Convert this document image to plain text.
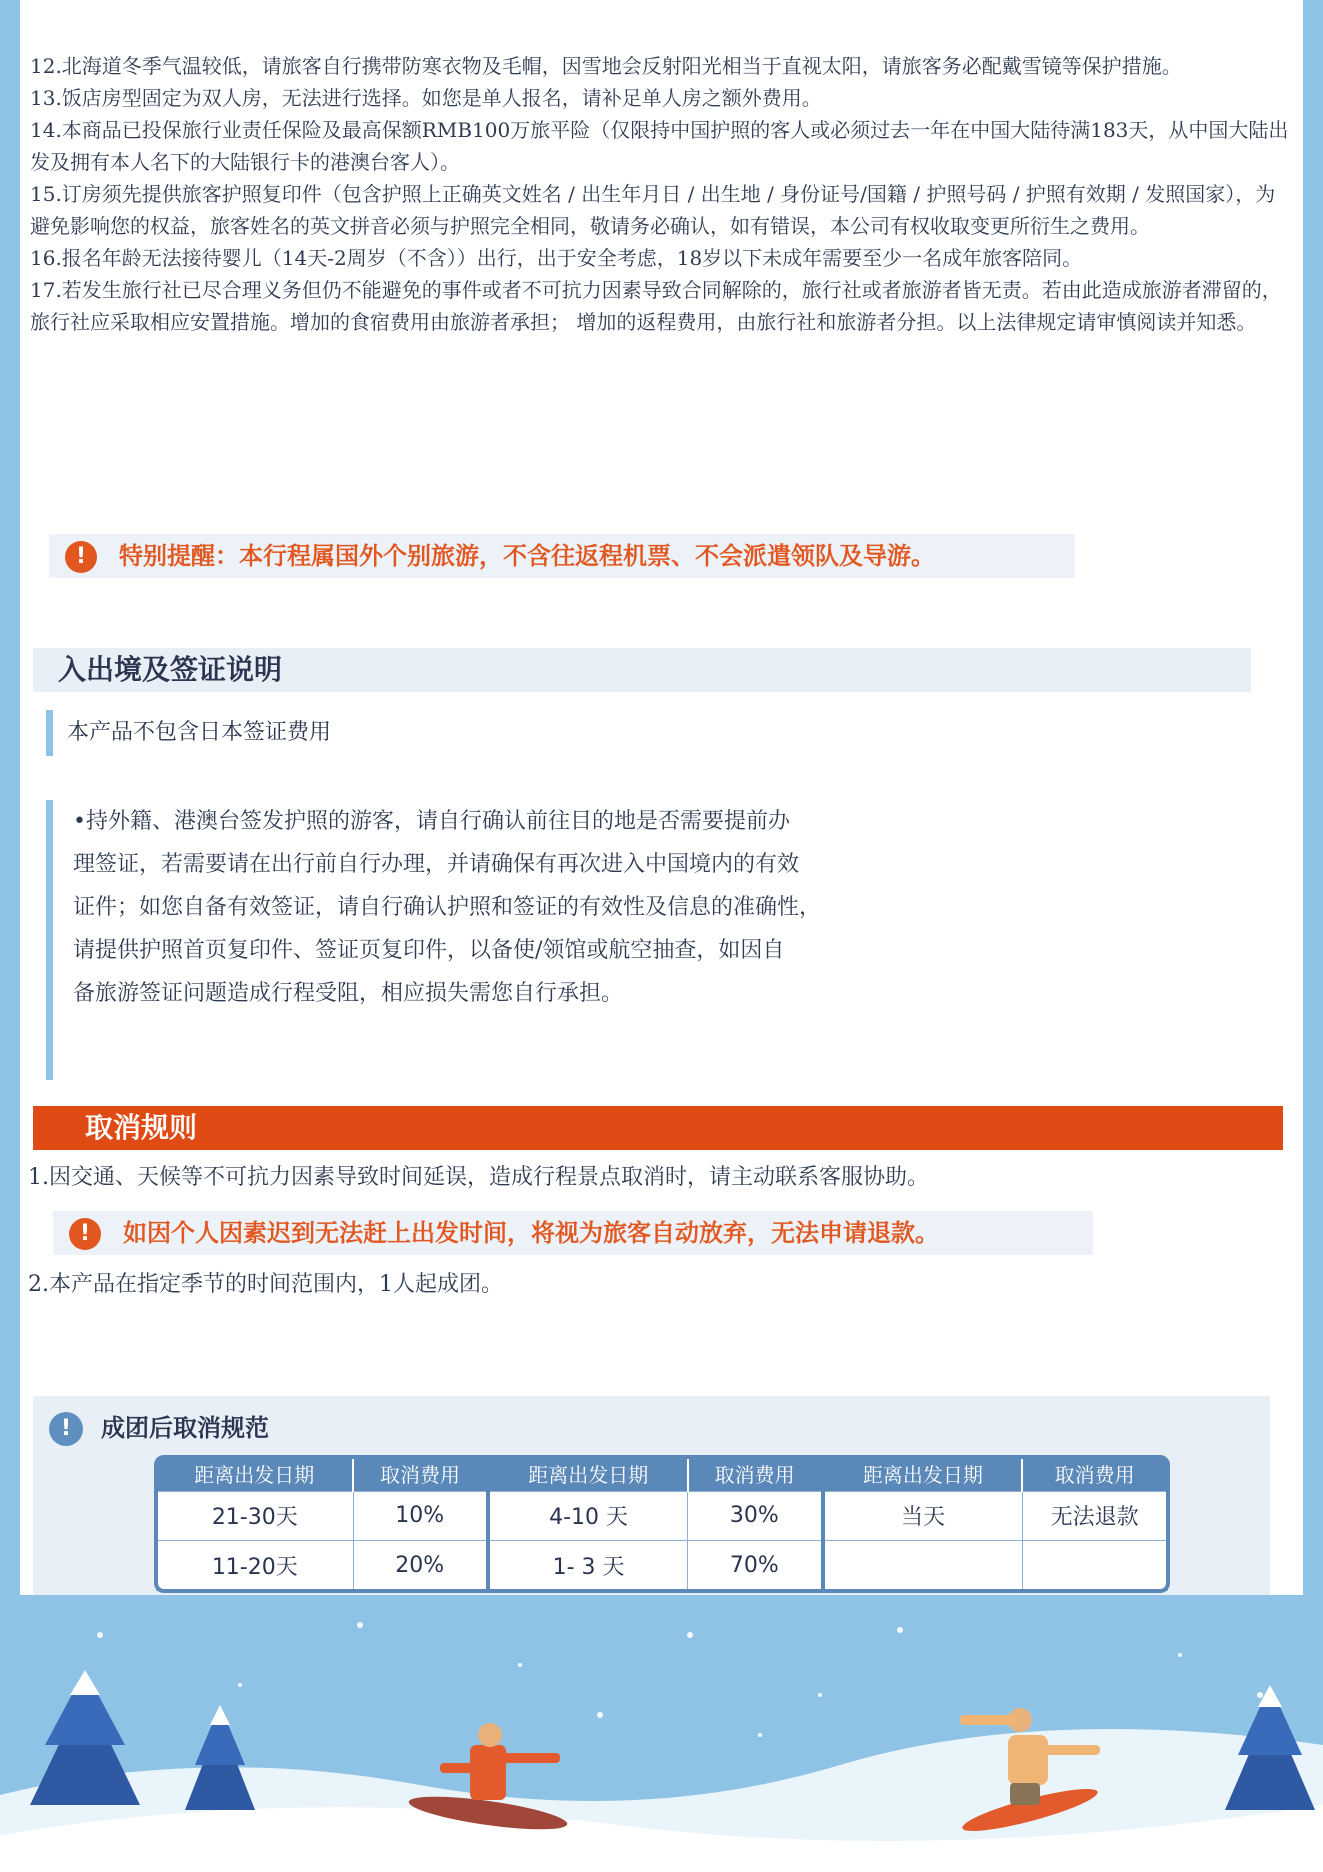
12.北海道冬季气温较低，请旅客自行携带防寒衣物及毛帽，因雪地会反射阳光相当于直视太阳，请旅客务必配戴雪镜等保护措施。

13.饭店房型固定为双人房，无法进行选择。如您是单人报名，请补足单人房之额外费用。

14.本商品已投保旅行业责任保险及最高保额RMB100万旅平险（仅限持中国护照的客人或必须过去一年在中国大陆待满183天，从中国大陆出发及拥有本人名下的大陆银行卡的港澳台客人）。

15.订房须先提供旅客护照复印件（包含护照上正确英文姓名 / 出生年月日 / 出生地 / 身份证号/国籍 / 护照号码 / 护照有效期 / 发照国家），为避免影响您的权益，旅客姓名的英文拼音必须与护照完全相同，敬请务必确认，如有错误，本公司有权收取变更所衍生之费用。

16.报名年龄无法接待婴儿（14天-2周岁（不含））出行，出于安全考虑，18岁以下未成年需要至少一名成年旅客陪同。

17.若发生旅行社已尽合理义务但仍不能避免的事件或者不可抗力因素导致合同解除的，旅行社或者旅游者皆无责。若由此造成旅游者滞留的，旅行社应采取相应安置措施。增加的食宿费用由旅游者承担； 增加的返程费用，由旅行社和旅游者分担。以上法律规定请审慎阅读并知悉。

!	特别提醒：本行程属国外个别旅游，不含往返程机票、不会派遣领队及导游。
入出境及签证说明
本产品不包含日本签证费用
•持外籍、港澳台签发护照的游客，请自行确认前往目的地是否需要提前办
理签证，若需要请在出行前自行办理，并请确保有再次进入中国境内的有效
证件；如您自备有效签证，请自行确认护照和签证的有效性及信息的准确性，
请提供护照首页复印件、签证页复印件，以备使/领馆或航空抽查，如因自
备旅游签证问题造成行程受阻，相应损失需您自行承担。
取消规则
1.因交通、天候等不可抗力因素导致时间延误，造成行程景点取消时，请主动联系客服协助。
!	如因个人因素迟到无法赶上出发时间，将视为旅客自动放弃，无法申请退款。
2.本产品在指定季节的时间范围内，1人起成团。
!	成团后取消规范
距离出发日期	取消费用	距离出发日期	取消费用	距离出发日期	取消费用
21-30天	10%	4-10 天	30%	当天	无法退款
11-20天	20%	1- 3 天	70%		
